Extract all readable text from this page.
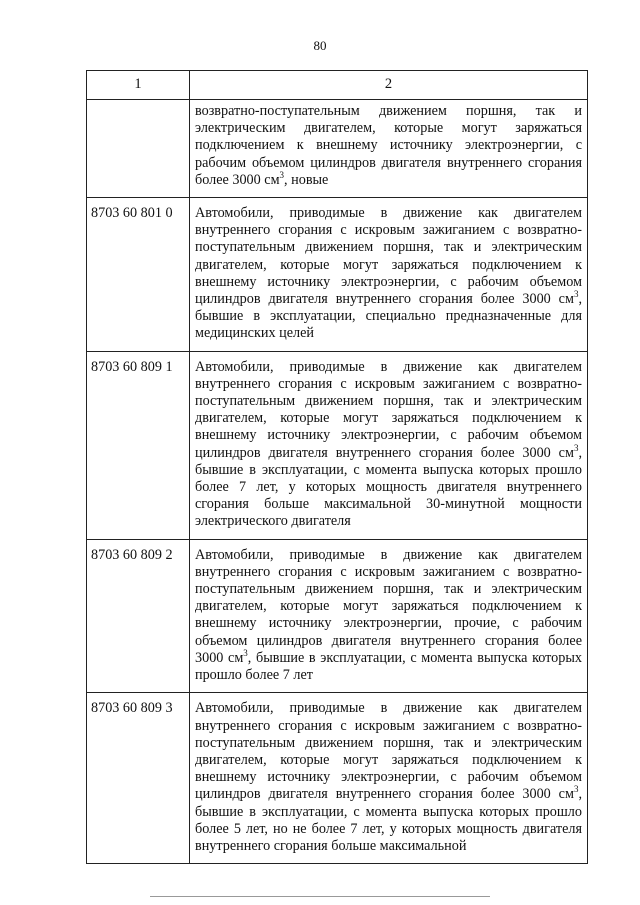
80
1	2
	возвратно-поступательным движением поршня, так и электрическим двигателем, которые могут заряжаться подключением к внешнему источнику электроэнергии, с рабочим объемом цилиндров двигателя внутреннего сгорания более 3000 $см^3$, новые
8703 60 801 0	Автомобили, приводимые в движение как двигателем внутреннего сгорания с искровым зажиганием с возвратно-поступательным движением поршня, так и электрическим двигателем, которые могут заряжаться подключением к внешнему источнику электроэнергии, с рабочим объемом цилиндров двигателя внутреннего сгорания более 3000 $см^3$, бывшие в эксплуатации, специально предназначенные для медицинских целей
8703 60 809 1	Автомобили, приводимые в движение как двигателем внутреннего сгорания с искровым зажиганием с возвратно-поступательным движением поршня, так и электрическим двигателем, которые могут заряжаться подключением к внешнему источнику электроэнергии, с рабочим объемом цилиндров двигателя внутреннего сгорания более 3000 $см^3$, бывшие в эксплуатации, с момента выпуска которых прошло более 7 лет, у которых мощность двигателя внутреннего сгорания больше максимальной 30-минутной мощности электрического двигателя
8703 60 809 2	Автомобили, приводимые в движение как двигателем внутреннего сгорания с искровым зажиганием с возвратно-поступательным движением поршня, так и электрическим двигателем, которые могут заряжаться подключением к внешнему источнику электроэнергии, прочие, с рабочим объемом цилиндров двигателя внутреннего сгорания более 3000 $см^3$, бывшие в эксплуатации, с момента выпуска которых прошло более 7 лет
8703 60 809 3	Автомобили, приводимые в движение как двигателем внутреннего сгорания с искровым зажиганием с возвратно-поступательным движением поршня, так и электрическим двигателем, которые могут заряжаться подключением к внешнему источнику электроэнергии, с рабочим объемом цилиндров двигателя внутреннего сгорания более 3000 $см^3$, бывшие в эксплуатации, с момента выпуска которых прошло более 5 лет, но не более 7 лет, у которых мощность двигателя внутреннего сгорания больше максимальной
